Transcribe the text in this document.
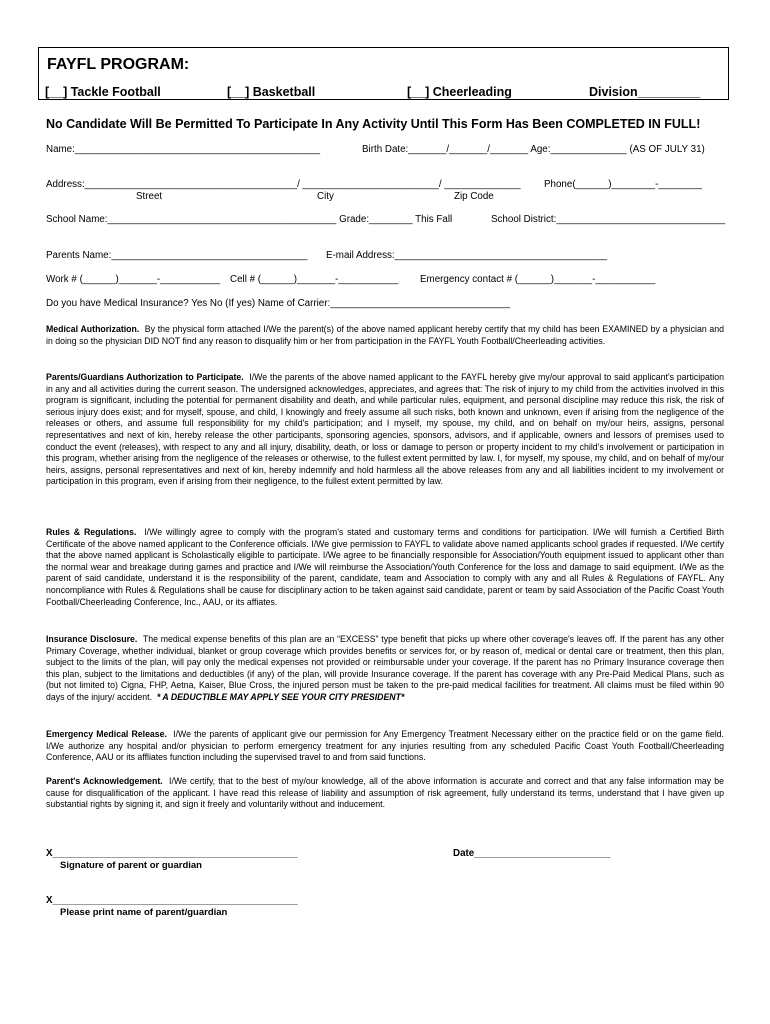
FAYFL PROGRAM:
[__] Tackle Football	[__] Basketball	[__] Cheerleading	Division_________
No Candidate Will Be Permitted To Participate In Any Activity Until This Form Has Been COMPLETED IN FULL!
Name:_____________________________________________	Birth Date:_______/_______/_______ Age:______________ (AS OF JULY 31)
Address:_______________________________________/ _________________________/ ______________ Phone(______)________-________
Street	City	Zip Code
School Name:__________________________________________ Grade:________ This Fall	School District:_______________________________
Parents Name:____________________________________ E-mail Address:_______________________________________
Work # (______)_______-___________ Cell # (______)_______-___________ Emergency contact # (______)_______-___________
Do you have Medical Insurance? Yes No (If yes) Name of Carrier:_________________________________

Medical Authorization. By the physical form attached I/We the parent(s) of the above named applicant hereby certify that my child has been EXAMINED by a physician and in doing so the physician DID NOT find any reason to disqualify him or her from participation in the FAYFL Youth Football/Cheerleading activities.

Parents/Guardians Authorization to Participate. I/We the parents of the above named applicant to the FAYFL hereby give my/our approval to said applicant's participation in any and all activities during the current season. The undersigned acknowledges, appreciates, and agrees that: The risk of injury to my child from the activities involved in this program is significant, including the potential for permanent disability and death, and while particular rules, equipment, and personal discipline may reduce this risk, the risk of serious injury does exist; and for myself, spouse, and child, I knowingly and freely assume all such risks, both known and unknown, even if arising from the negligence of the releases or others, and assume full responsibility for my child's participation; and I myself, my spouse, my child, and on behalf on my/our heirs, assigns, personal representatives and next of kin, hereby release the other participants, sponsoring agencies, sponsors, advisors, and if applicable, owners and lessors of premises used to conduct the event (releases), with respect to any and all injury, disability, death, or loss or damage to person or property incident to my child's involvement or participation in this program, whether arising from the negligence of the releases or otherwise, to the fullest extent permitted by law. I, for myself, my spouse, my child, and on behalf of my/our heirs, assigns, personal representatives and next of kin, hereby indemnify and hold harmless all the above releases from any and all liabilities incident to my involvement or participation in this program, even if arising from their negligence, to the fullest extent permitted by law.

Rules & Regulations. I/We willingly agree to comply with the program's stated and customary terms and conditions for participation. I/We will furnish a Certified Birth Certificate of the above named applicant to the Conference officials. I/We give permission to FAYFL to validate above named applicants school grades if requested. I/We certify that the above named applicant is Scholastically eligible to participate. I/We agree to be financially responsible for Association/Youth equipment issued to applicant other than the normal wear and breakage during games and practice and I/We will reimburse the Association/Youth Conference for the loss and damage to said equipment. I/We as the parent of said candidate, understand it is the responsibility of the parent, candidate, team and Association to comply with any and all Rules & Regulations of FAYFL. Any noncompliance with Rules & Regulations shall be cause for disciplinary action to be taken against said candidate, parent or team by said Association of the Pacific Coast Youth Football/Cheerleading Conference, Inc., AAU, or its affiates.

Insurance Disclosure. The medical expense benefits of this plan are an “EXCESS” type benefit that picks up where other coverage's leaves off. If the parent has any other Primary Coverage, whether individual, blanket or group coverage which provides benefits or services for, or by reason of, medical or dental care or treatment, then this plan, subject to the limits of the plan, will pay only the medical expenses not provided or reimbursable under your coverage. If the parent has no Primary Insurance coverage then this plan, subject to the limitations and deductibles (if any) of the plan, will provide Insurance coverage. If the parent has coverage with any Pre-Paid Medical Plans, such as (but not limited to) Cigna, FHP, Aetna, Kaiser, Blue Cross, the injured person must be taken to the pre-paid medical facilities for treatment. All claims must be filed within 90 days of the injury/ accident. * A DEDUCTIBLE MAY APPLY SEE YOUR CITY PRESIDENT*

Emergency Medical Release. I/We the parents of applicant give our permission for Any Emergency Treatment Necessary either on the practice field or on the game field. I/We authorize any hospital and/or physician to perform emergency treatment for any injuries resulting from any scheduled Pacific Coast Youth Football/Cheerleading Conference, AAU or its affliates function including the supervised travel to and from said functions.

Parent's Acknowledgement. I/We certify, that to the best of my/our knowledge, all of the above information is accurate and correct and that any false information may be cause for disqualification of the applicant. I have read this release of liability and assumption of risk agreement, fully understand its terms, understand that I have given up substantial rights by signing it, and sign it freely and voluntarily without and inducement.

X_____________________________________________
Signature of parent or guardian
Date_________________________
X_____________________________________________
Please print name of parent/guardian
